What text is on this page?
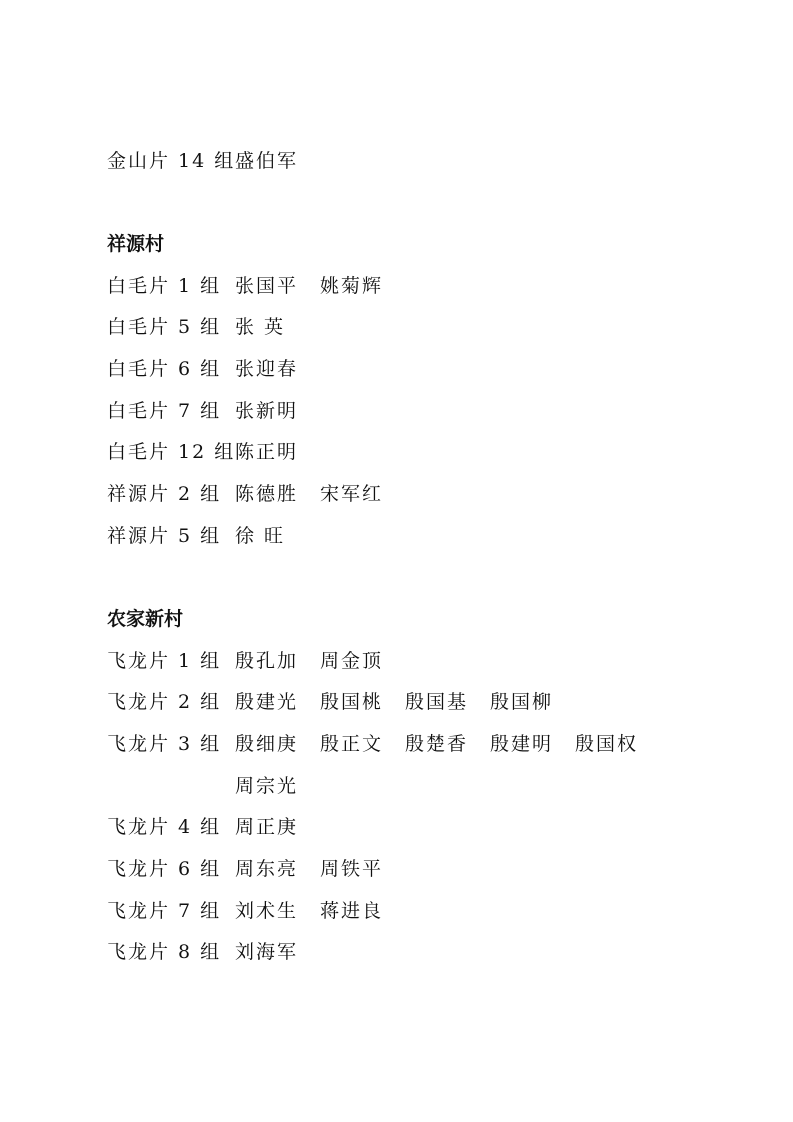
金山片 14 组 盛伯军
祥源村
白毛片 1 组 张国平 姚菊辉
白毛片 5 组 张 英
白毛片 6 组 张迎春
白毛片 7 组 张新明
白毛片 12 组 陈正明
祥源片 2 组 陈德胜 宋军红
祥源片 5 组 徐 旺
农家新村
飞龙片 1 组 殷孔加 周金顶
飞龙片 2 组 殷建光 殷国桃 殷国基 殷国柳
飞龙片 3 组 殷细庚 殷正文 殷楚香 殷建明 殷国权
周宗光
飞龙片 4 组 周正庚
飞龙片 6 组 周东亮 周铁平
飞龙片 7 组 刘术生 蒋进良
飞龙片 8 组 刘海军
